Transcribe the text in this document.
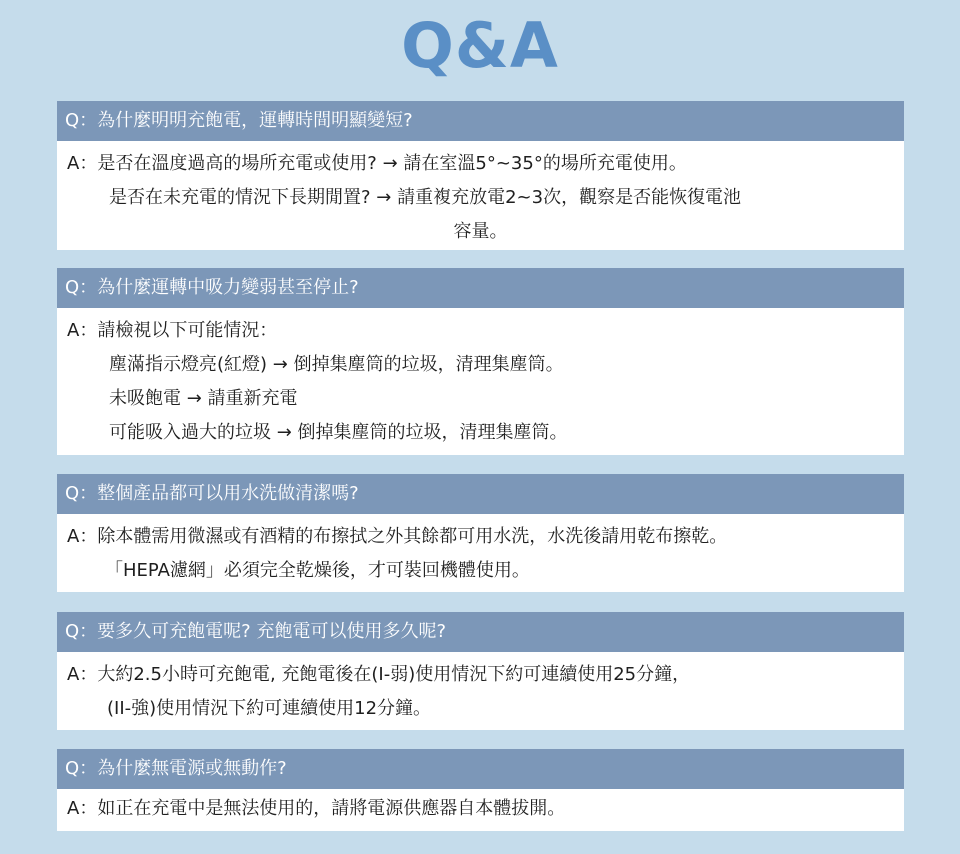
Q&A
Q：為什麼明明充飽電，運轉時間明顯變短?
A：是否在溫度過高的場所充電或使用? → 請在室溫5°~35°的場所充電使用。
是否在未充電的情況下長期閒置? → 請重複充放電2~3次，觀察是否能恢復電池
容量。
Q：為什麼運轉中吸力變弱甚至停止?
A：請檢視以下可能情況：
塵滿指示燈亮(紅燈) → 倒掉集塵筒的垃圾，清理集塵筒。
未吸飽電 → 請重新充電
可能吸入過大的垃圾 → 倒掉集塵筒的垃圾，清理集塵筒。
Q：整個產品都可以用水洗做清潔嗎?
A：除本體需用微濕或有酒精的布擦拭之外其餘都可用水洗，水洗後請用乾布擦乾。
「HEPA濾網」必須完全乾燥後，才可裝回機體使用。
Q：要多久可充飽電呢? 充飽電可以使用多久呢?
A：大約2.5小時可充飽電, 充飽電後在(I-弱)使用情況下約可連續使用25分鐘，
(II-強)使用情況下約可連續使用12分鐘。
Q：為什麼無電源或無動作?
A：如正在充電中是無法使用的，請將電源供應器自本體拔開。
